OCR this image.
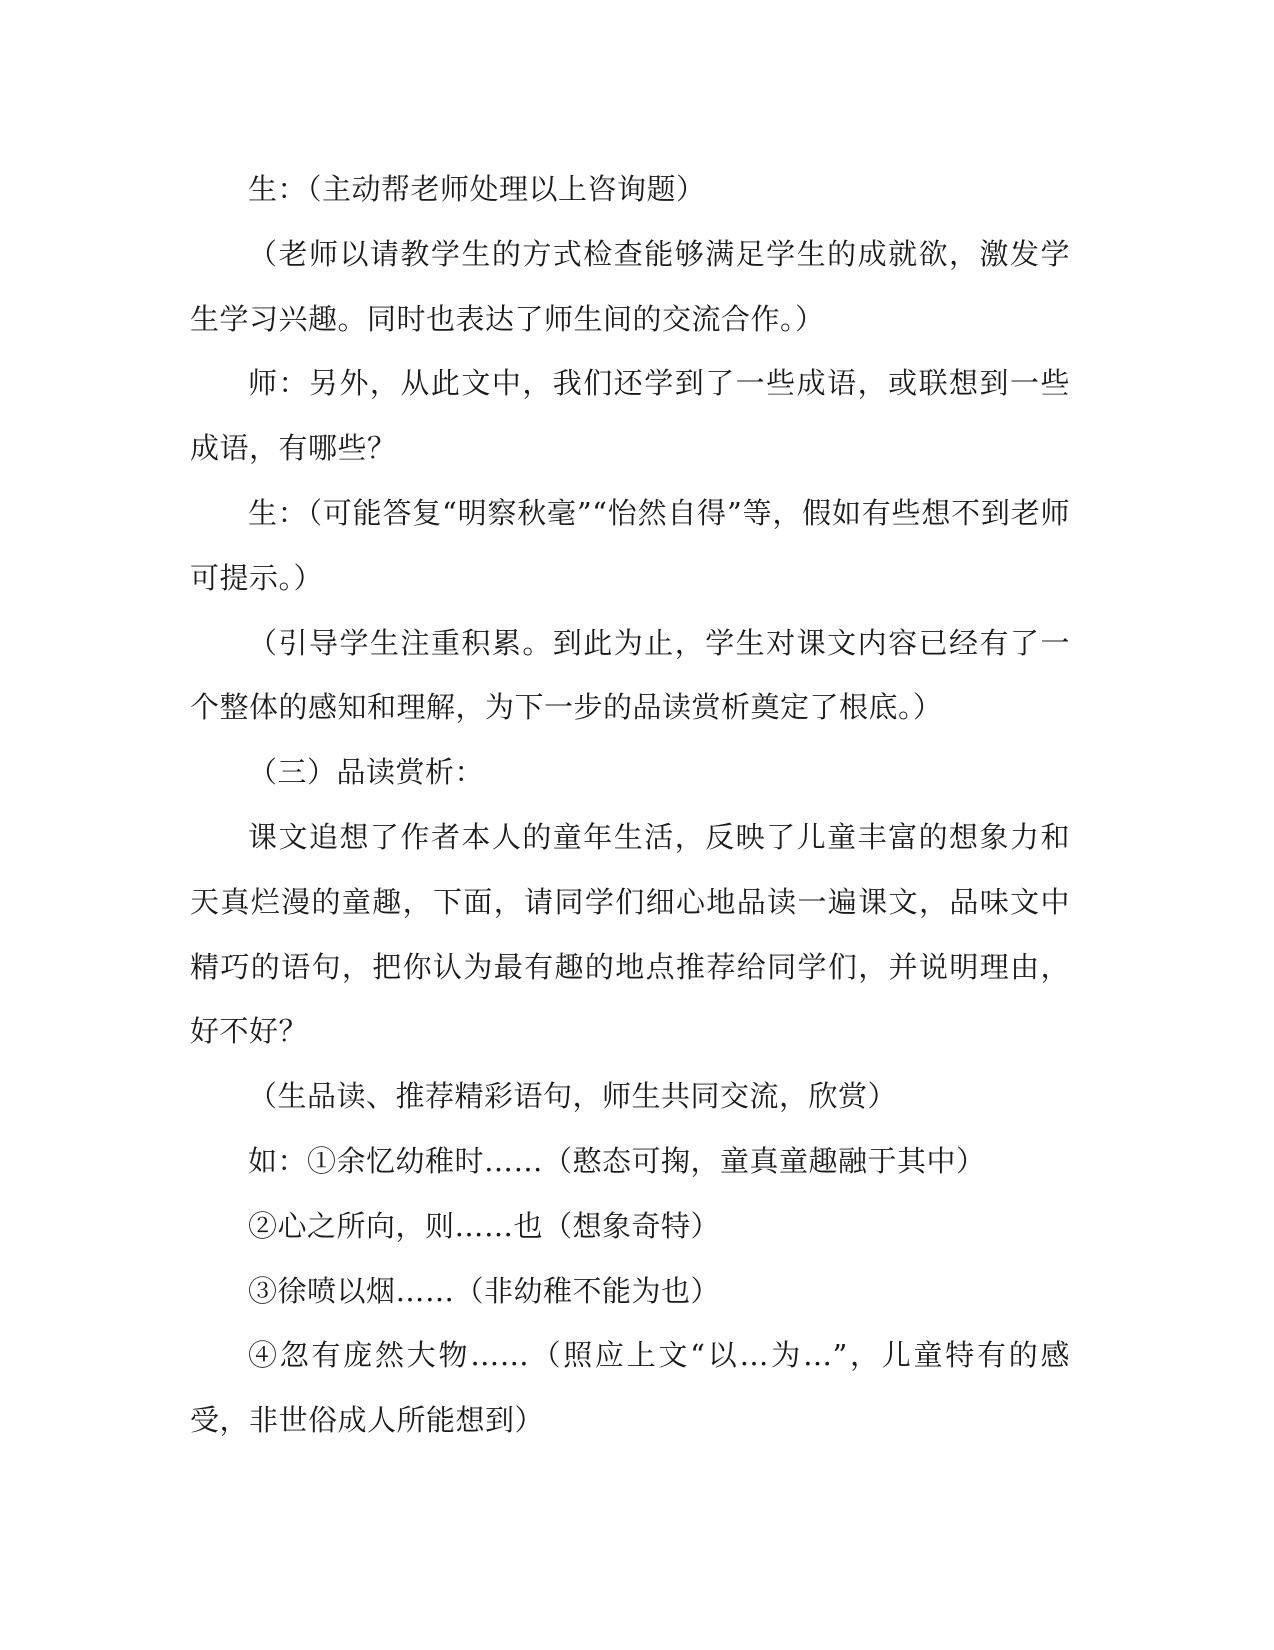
生：（主动帮老师处理以上咨询题）

（老师以请教学生的方式检查能够满足学生的成就欲，激发学生学习兴趣。同时也表达了师生间的交流合作。）

师：另外，从此文中，我们还学到了一些成语，或联想到一些成语，有哪些？

生：（可能答复“明察秋毫”“怡然自得”等，假如有些想不到老师可提示。）

（引导学生注重积累。到此为止，学生对课文内容已经有了一个整体的感知和理解，为下一步的品读赏析奠定了根底。）

（三）品读赏析：

课文追想了作者本人的童年生活，反映了儿童丰富的想象力和天真烂漫的童趣，下面，请同学们细心地品读一遍课文，品味文中精巧的语句，把你认为最有趣的地点推荐给同学们，并说明理由，好不好？

（生品读、推荐精彩语句，师生共同交流，欣赏）

如：①余忆幼稚时……（憨态可掬，童真童趣融于其中）

②心之所向，则……也（想象奇特）

③徐喷以烟……（非幼稚不能为也）

④忽有庞然大物……（照应上文“以…为…”，儿童特有的感受，非世俗成人所能想到）
